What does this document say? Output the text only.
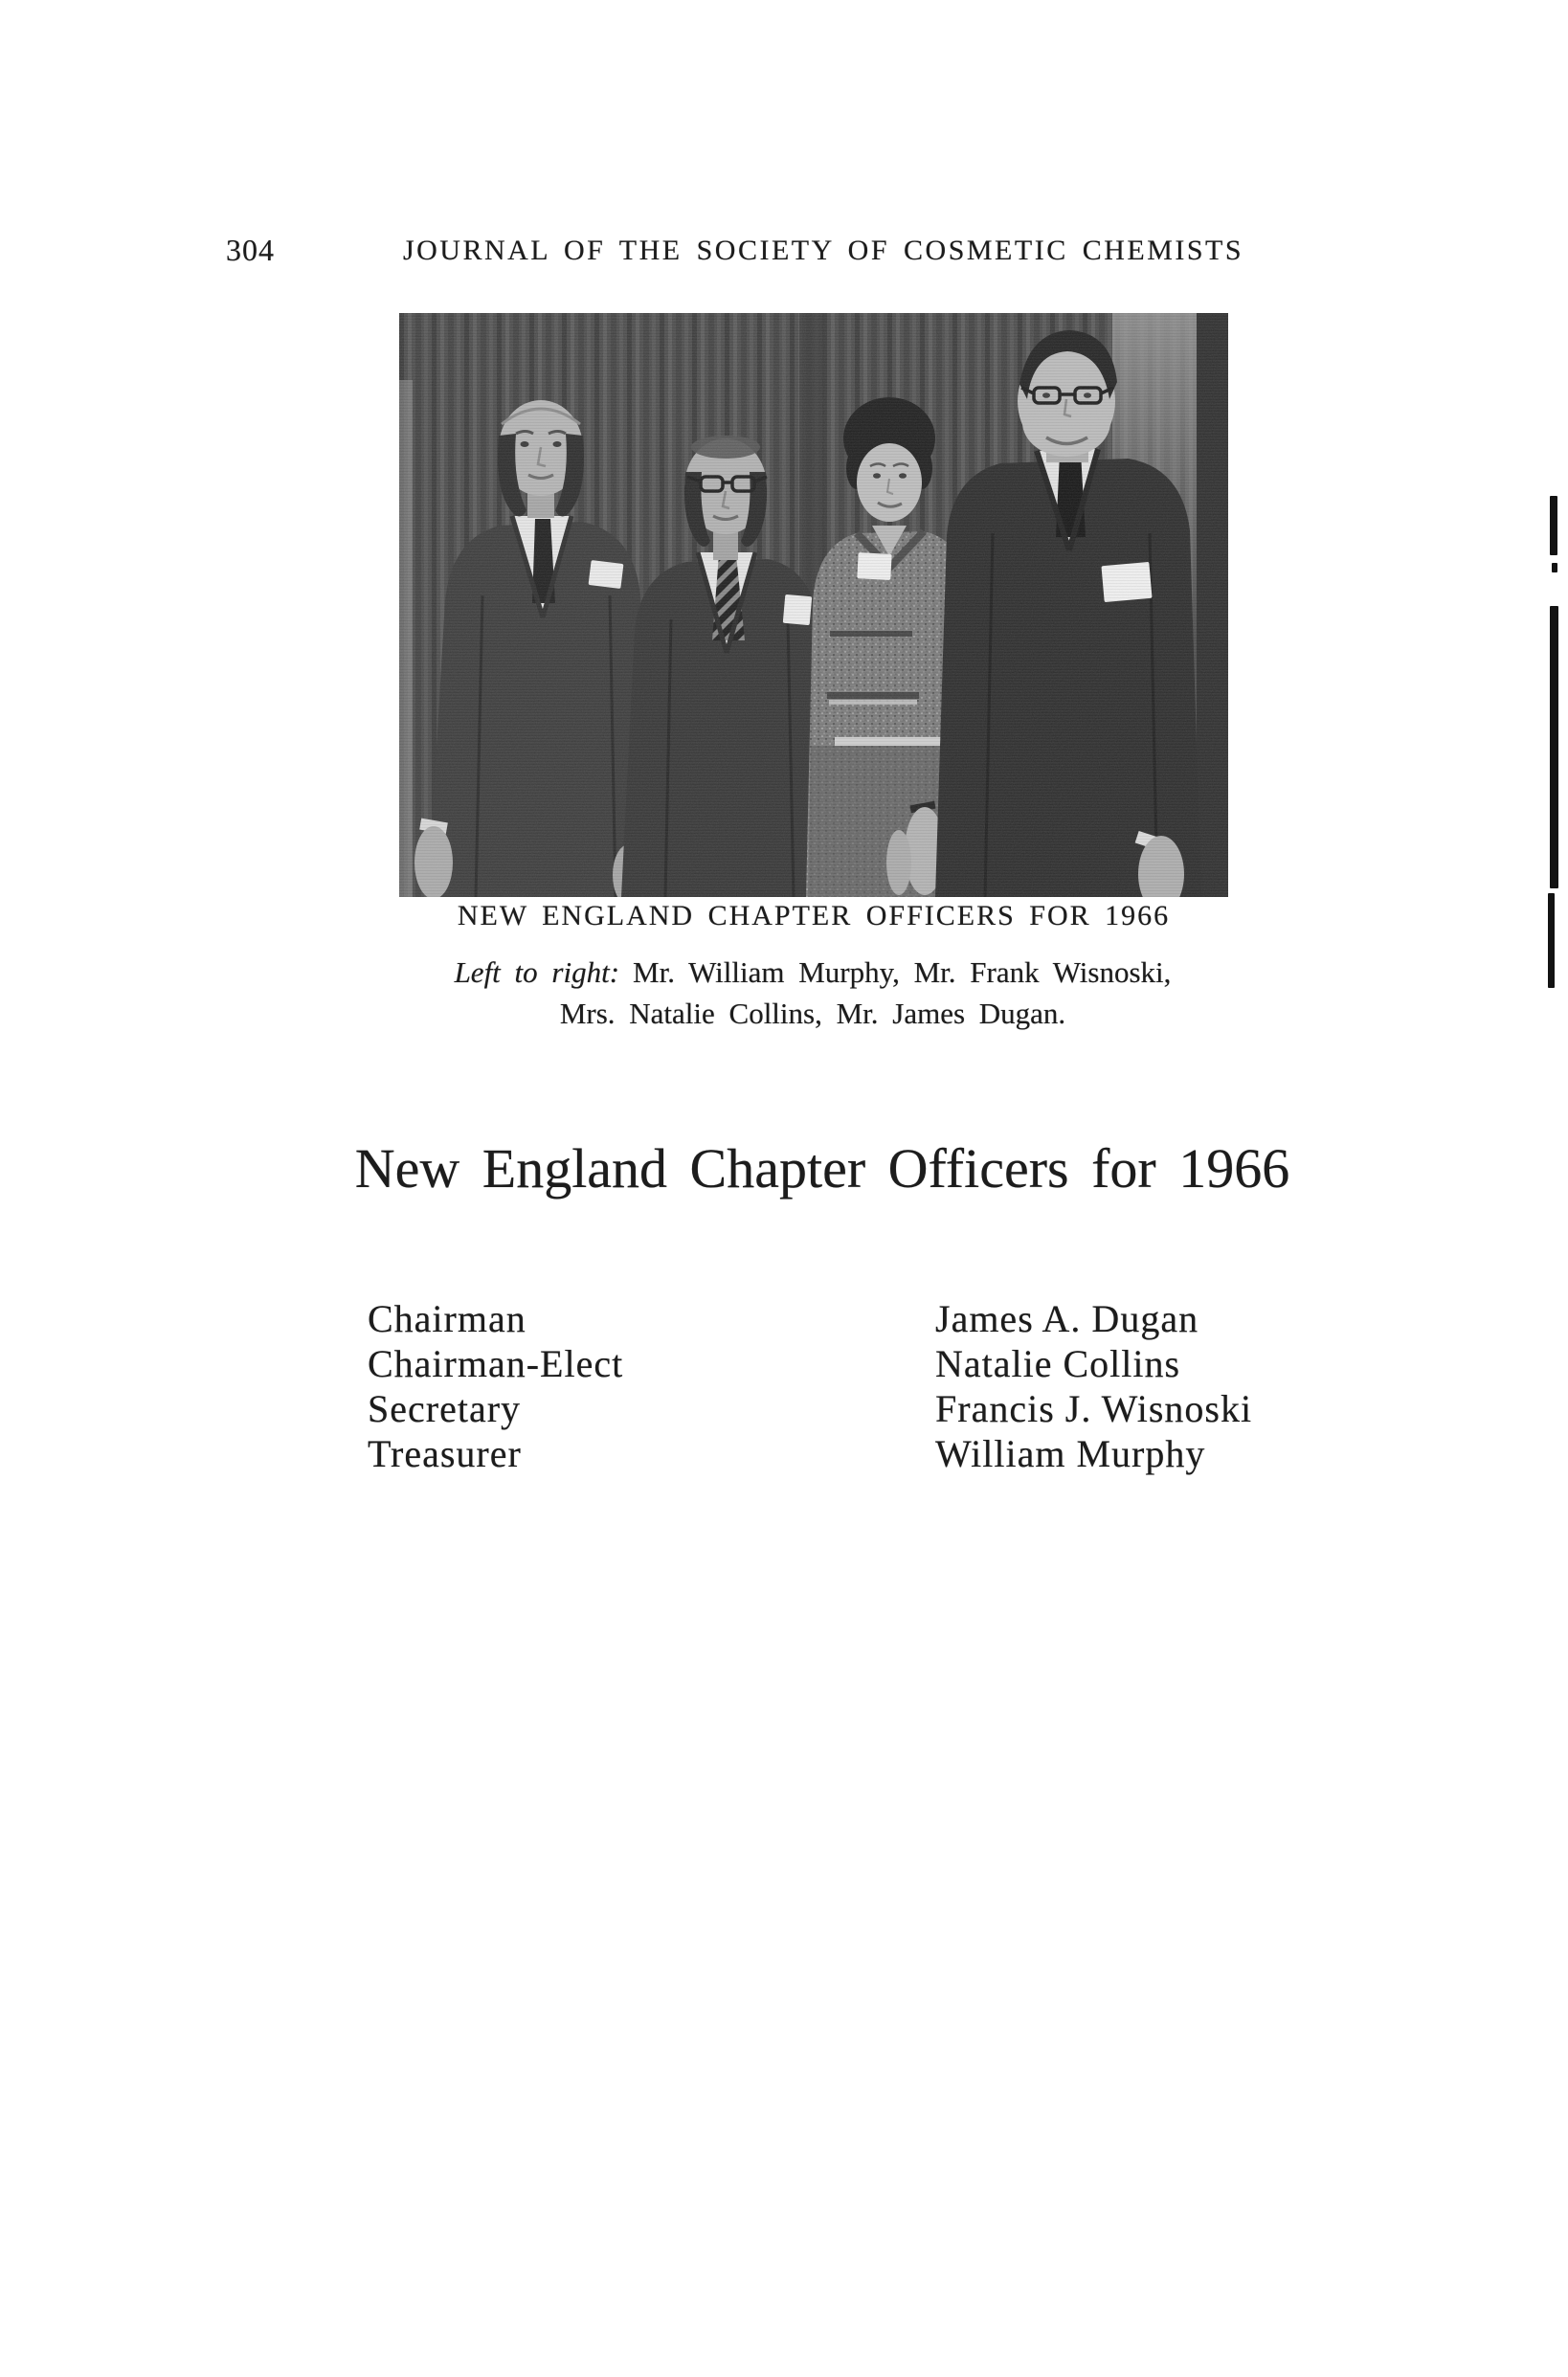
304	JOURNAL OF THE SOCIETY OF COSMETIC CHEMISTS
NEW ENGLAND CHAPTER OFFICERS FOR 1966
Left to right: Mr. William Murphy, Mr. Frank Wisnoski,
Mrs. Natalie Collins, Mr. James Dugan.
New England Chapter Officers for 1966
Chairman	James A. Dugan
Chairman-Elect	Natalie Collins
Secretary	Francis J. Wisnoski
Treasurer	William Murphy
